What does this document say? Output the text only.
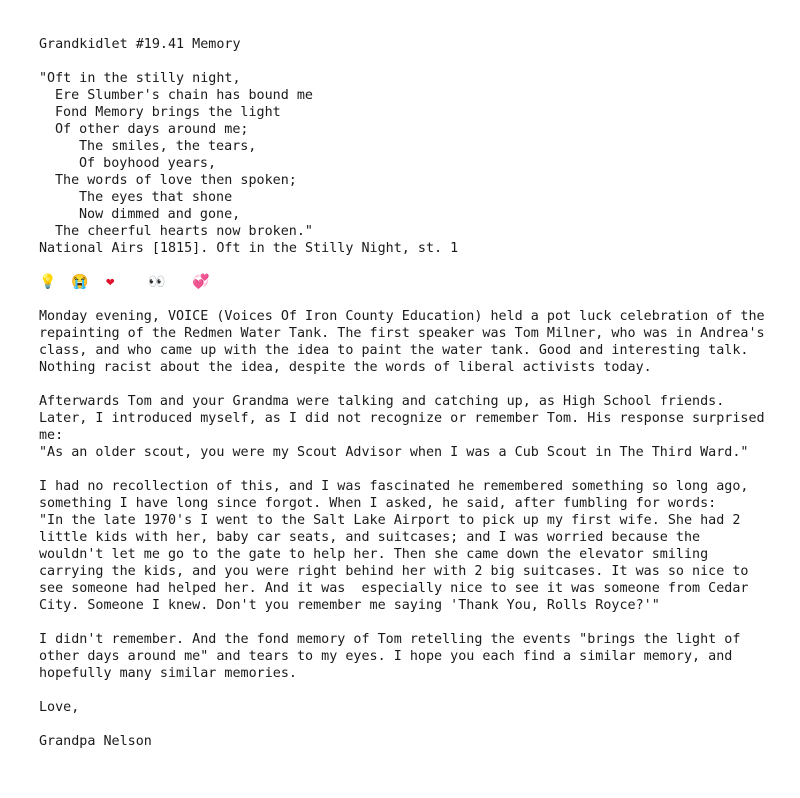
Grandkidlet #19.41 Memory
"Oft in the stilly night,
Ere Slumber's chain has bound me
Fond Memory brings the light
Of other days around me;
The smiles, the tears,
Of boyhood years,
The words of love then spoken;
The eyes that shone
Now dimmed and gone,
The cheerful hearts now broken."
National Airs [1815]. Oft in the Stilly Night, st. 1
💡 😭 ❤ 👀 💞
Monday evening, VOICE (Voices Of Iron County Education) held a pot luck celebration of the
repainting of the Redmen Water Tank. The first speaker was Tom Milner, who was in Andrea's
class, and who came up with the idea to paint the water tank. Good and interesting talk.
Nothing racist about the idea, despite the words of liberal activists today.
Afterwards Tom and your Grandma were talking and catching up, as High School friends.
Later, I introduced myself, as I did not recognize or remember Tom. His response surprised
me:
"As an older scout, you were my Scout Advisor when I was a Cub Scout in The Third Ward."
I had no recollection of this, and I was fascinated he remembered something so long ago,
something I have long since forgot. When I asked, he said, after fumbling for words:
"In the late 1970's I went to the Salt Lake Airport to pick up my first wife. She had 2
little kids with her, baby car seats, and suitcases; and I was worried because the
wouldn't let me go to the gate to help her. Then she came down the elevator smiling
carrying the kids, and you were right behind her with 2 big suitcases. It was so nice to
see someone had helped her. And it was  especially nice to see it was someone from Cedar
City. Someone I knew. Don't you remember me saying 'Thank You, Rolls Royce?'"
I didn't remember. And the fond memory of Tom retelling the events "brings the light of
other days around me" and tears to my eyes. I hope you each find a similar memory, and
hopefully many similar memories.
Love,
Grandpa Nelson
